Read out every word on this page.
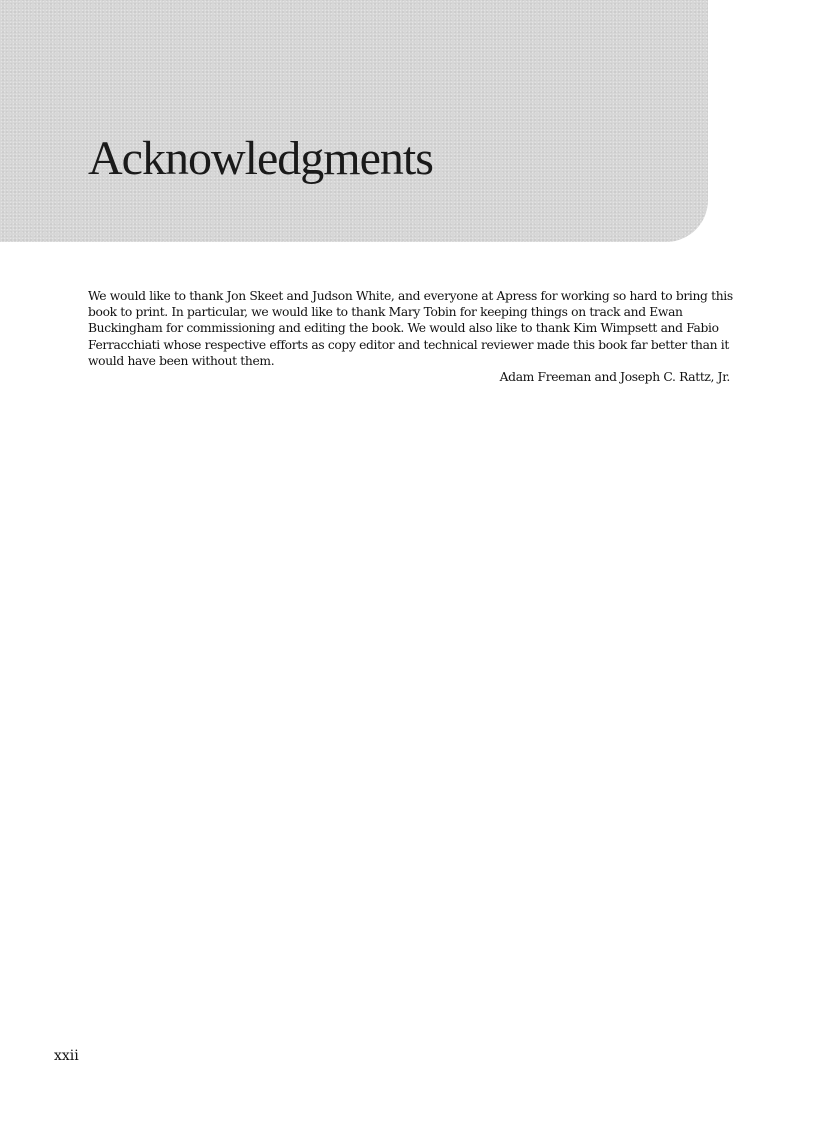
Acknowledgments

We would like to thank Jon Skeet and Judson White, and everyone at Apress for working so hard to bring this book to print. In particular, we would like to thank Mary Tobin for keeping things on track and Ewan Buckingham for commissioning and editing the book. We would also like to thank Kim Wimpsett and Fabio Ferracchiati whose respective efforts as copy editor and technical reviewer made this book far better than it would have been without them.

Adam Freeman and Joseph C. Rattz, Jr.

xxii
